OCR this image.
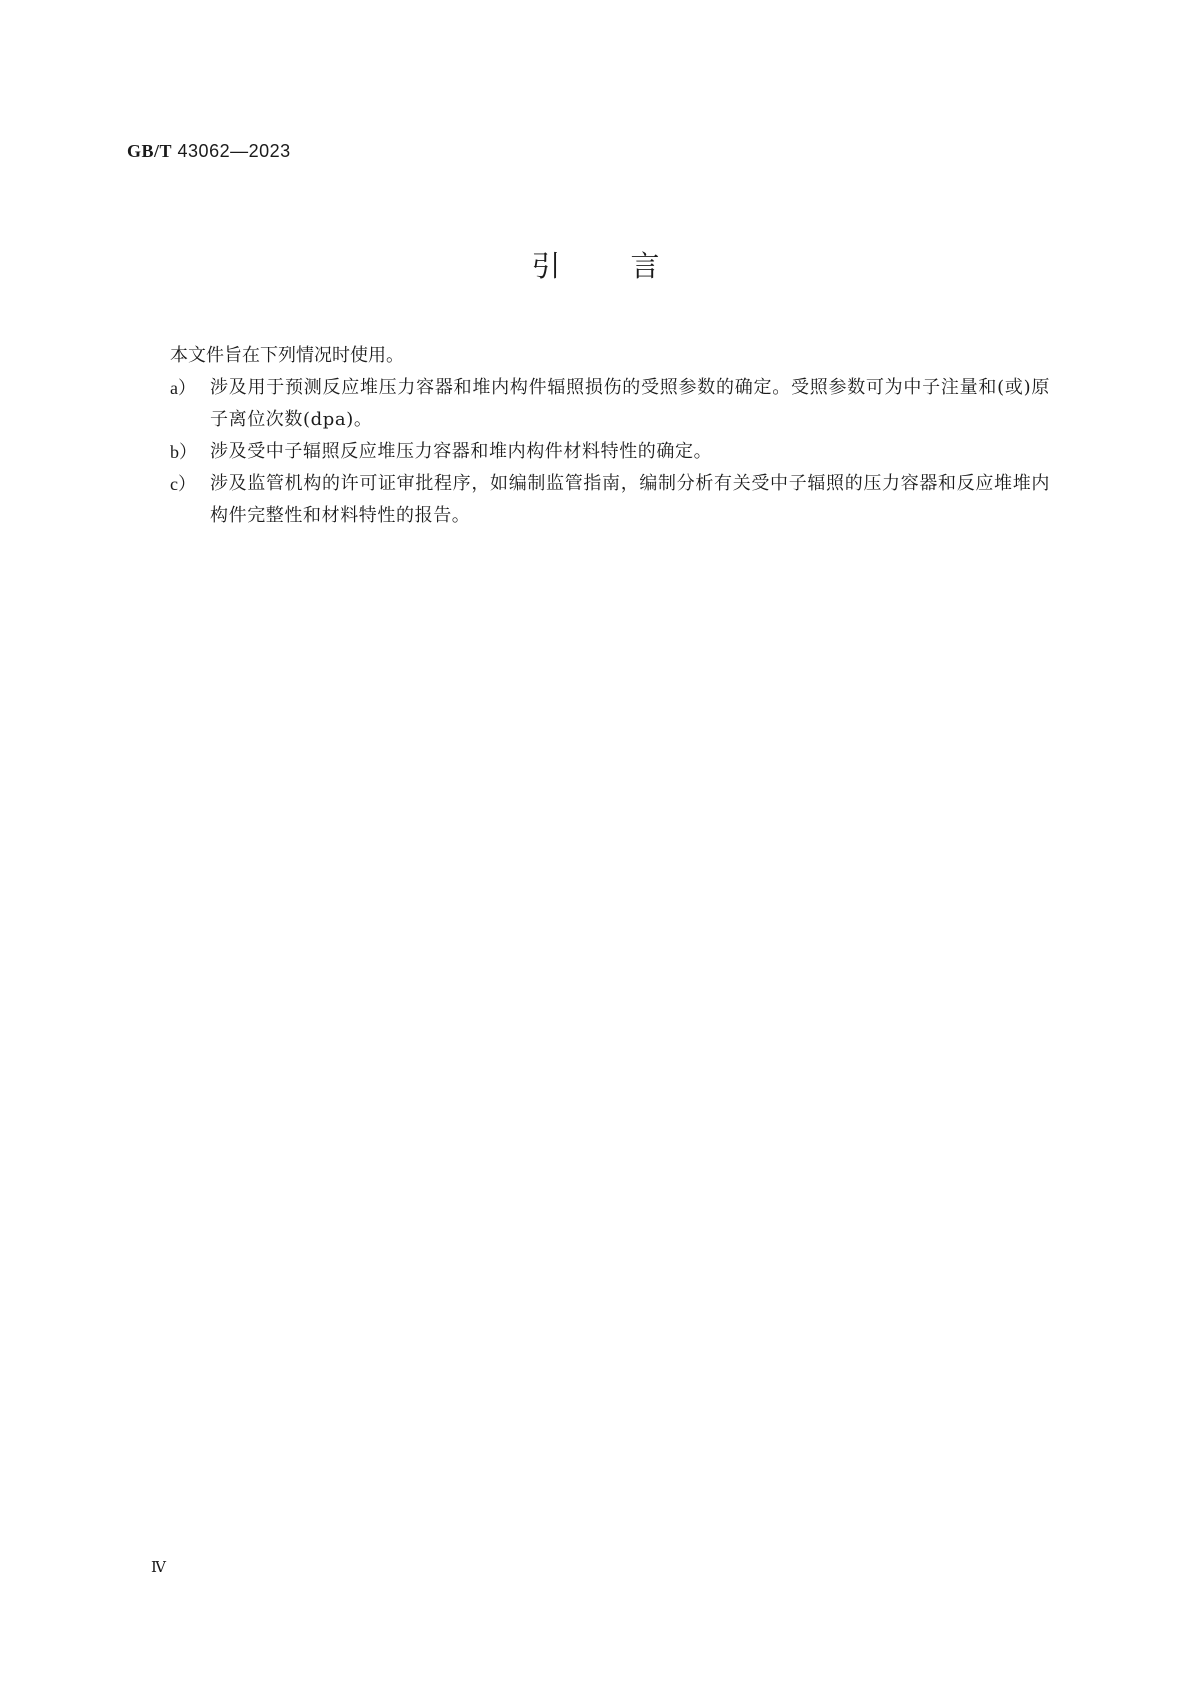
GB/T 43062—2023
引 言

本文件旨在下列情况时使用。

a） 涉及用于预测反应堆压力容器和堆内构件辐照损伤的受照参数的确定。受照参数可为中子注量和(或)原子离位次数(dpa)。
b） 涉及受中子辐照反应堆压力容器和堆内构件材料特性的确定。
c） 涉及监管机构的许可证审批程序，如编制监管指南，编制分析有关受中子辐照的压力容器和反应堆堆内构件完整性和材料特性的报告。
Ⅳ
